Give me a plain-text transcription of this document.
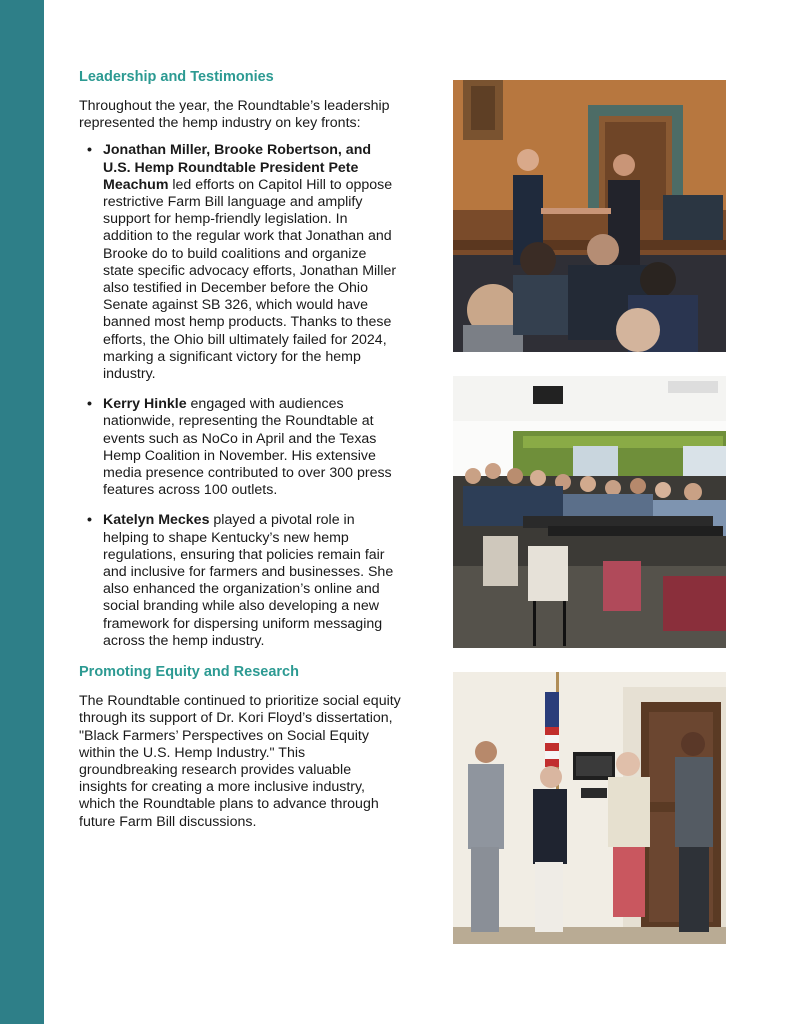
Leadership and Testimonies

Throughout the year, the Roundtable’s leadership represented the hemp industry on key fronts:

• Jonathan Miller, Brooke Robertson, and U.S. Hemp Roundtable President Pete Meachum led efforts on Capitol Hill to oppose restrictive Farm Bill language and amplify support for hemp-friendly legislation. In addition to the regular work that Jonathan and Brooke do to build coalitions and organize state specific advocacy efforts, Jonathan Miller also testified in December before the Ohio Senate against SB 326, which would have banned most hemp products. Thanks to these efforts, the Ohio bill ultimately failed for 2024, marking a significant victory for the hemp industry.
• Kerry Hinkle engaged with audiences nationwide, representing the Roundtable at events such as NoCo in April and the Texas Hemp Coalition in November. His extensive media presence contributed to over 300 press features across 100 outlets.
• Katelyn Meckes played a pivotal role in helping to shape Kentucky’s new hemp regulations, ensuring that policies remain fair and inclusive for farmers and businesses. She also enhanced the organization’s online and social branding while also developing a new framework for dispersing uniform messaging across the hemp industry.
Promoting Equity and Research

The Roundtable continued to prioritize social equity through its support of Dr. Kori Floyd’s dissertation, "Black Farmers’ Perspectives on Social Equity within the U.S. Hemp Industry." This groundbreaking research provides valuable insights for creating a more inclusive industry, which the Roundtable plans to advance through future Farm Bill discussions.
